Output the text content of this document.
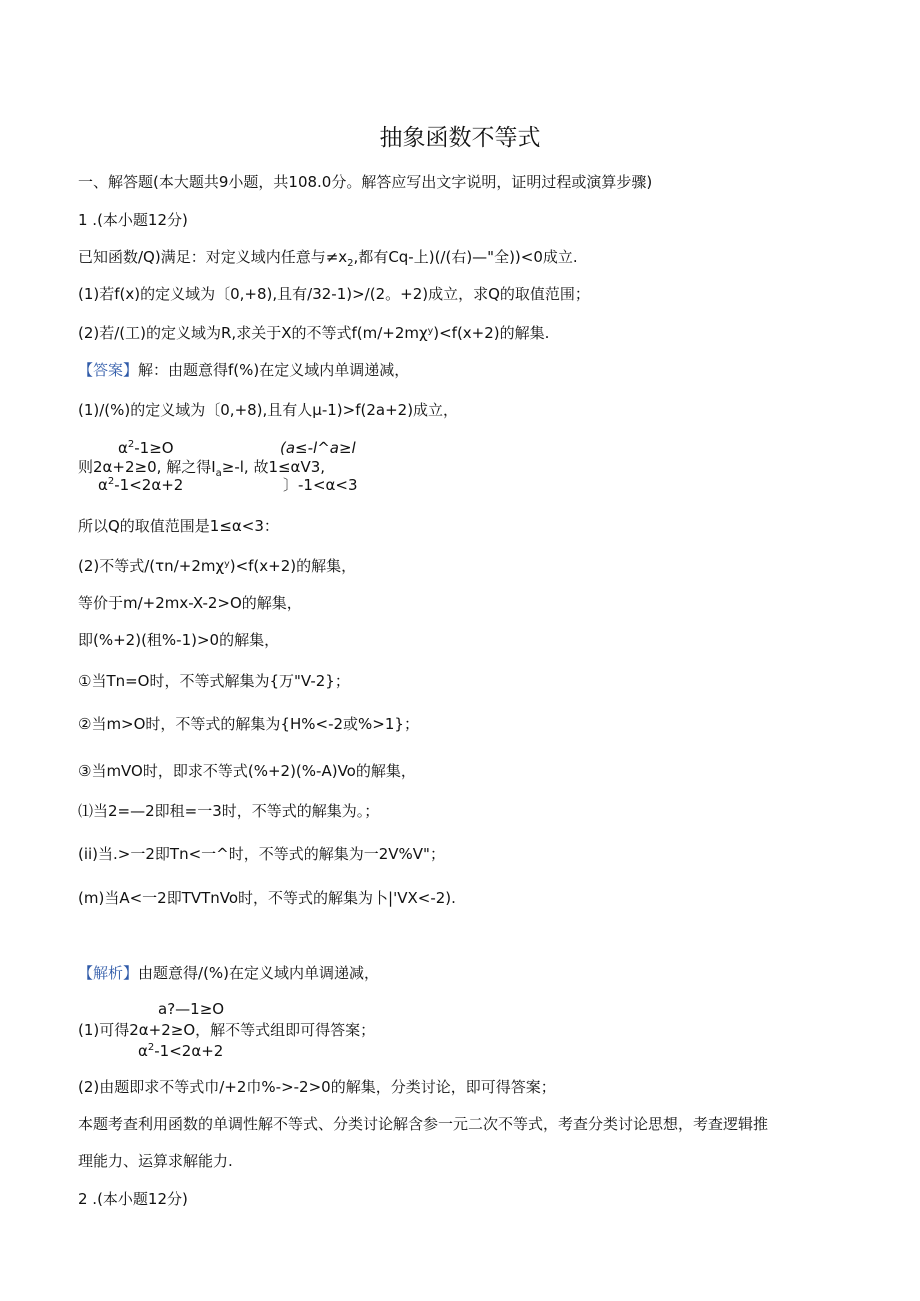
抽象函数不等式
一、解答题(本大题共9小题，共108.0分。解答应写出文字说明，证明过程或演算步骤)
1 .(本小题12分)
已知函数/Q)满足：对定义域内任意与$\ne x_2$,都有Cq-上)(/(右)—"全))<0成立.
(1)若f(x)的定义域为〔0,+8),且有/32-1)>/(2。+2)成立，求Q的取值范围；
(2)若/(工)的定义域为R,求关于X的不等式f(m∕+2mχʸ)<f(x+2)的解集.
【答案】解：由题意得f(%)在定义域内单调递减，
(1)/(%)的定义域为〔0,+8),且有人μ-1)>f(2a+2)成立，
$\alpha^2-1\ge O$
则2α+2≥0, 解之得$I_a\ge-l$, 故1≤αV3,
$\alpha^2-1<2\alpha+2$
(a≤-l^a≥l
〕-1<α<3
所以Q的取值范围是1≤α<3：
(2)不等式/(τn∕+2mχʸ)<f(x+2)的解集，
等价于m/+2mx-X-2>O的解集，
即(%+2)(租%-1)>0的解集，
①当Tn=O时，不等式解集为{万"V-2}；
②当m>O时，不等式的解集为{H%<-2或%>1}；
③当mVO时，即求不等式(%+2)(%-A)Vo的解集，
⑴当2=—2即租=一3时，不等式的解集为。；
(ii)当.>一2即Tn<一^时，不等式的解集为一2V%V"；
(m)当A<一2即TVTnVo时，不等式的解集为卜|'VX<-2).
【解析】由题意得/(%)在定义域内单调递减，
a?—1≥O
(1)可得2α+2≥O，解不等式组即可得答案；
$\alpha^2-1<2\alpha+2$
(2)由题即求不等式巾/+2巾%->-2>0的解集，分类讨论，即可得答案；
本题考查利用函数的单调性解不等式、分类讨论解含参一元二次不等式，考查分类讨论思想，考查逻辑推
理能力、运算求解能力.
2 .(本小题12分)
